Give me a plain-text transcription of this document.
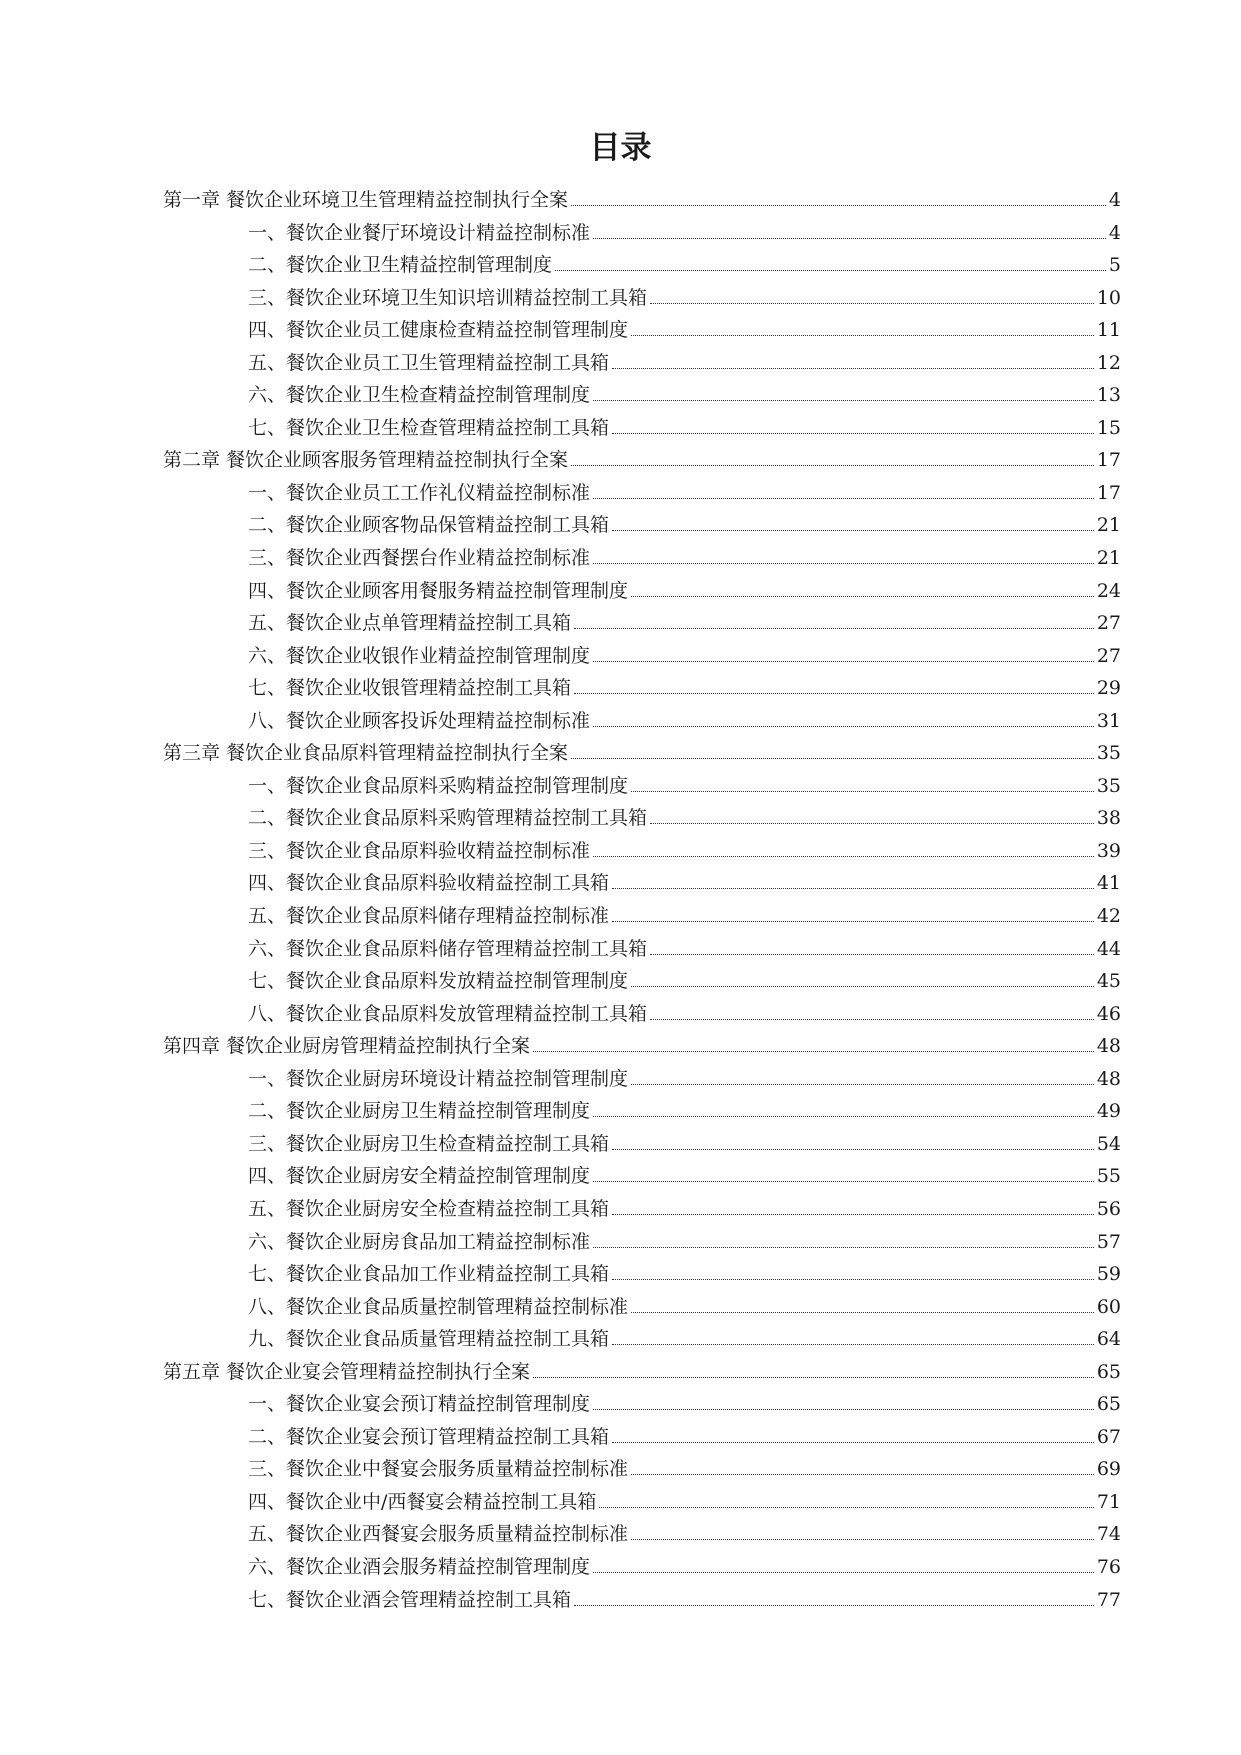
目录
第一章 餐饮企业环境卫生管理精益控制执行全案	4
一、餐饮企业餐厅环境设计精益控制标准	4
二、餐饮企业卫生精益控制管理制度	5
三、餐饮企业环境卫生知识培训精益控制工具箱	10
四、餐饮企业员工健康检查精益控制管理制度	11
五、餐饮企业员工卫生管理精益控制工具箱	12
六、餐饮企业卫生检查精益控制管理制度	13
七、餐饮企业卫生检查管理精益控制工具箱	15
第二章 餐饮企业顾客服务管理精益控制执行全案	17
一、餐饮企业员工工作礼仪精益控制标准	17
二、餐饮企业顾客物品保管精益控制工具箱	21
三、餐饮企业西餐摆台作业精益控制标准	21
四、餐饮企业顾客用餐服务精益控制管理制度	24
五、餐饮企业点单管理精益控制工具箱	27
六、餐饮企业收银作业精益控制管理制度	27
七、餐饮企业收银管理精益控制工具箱	29
八、餐饮企业顾客投诉处理精益控制标准	31
第三章 餐饮企业食品原料管理精益控制执行全案	35
一、餐饮企业食品原料采购精益控制管理制度	35
二、餐饮企业食品原料采购管理精益控制工具箱	38
三、餐饮企业食品原料验收精益控制标准	39
四、餐饮企业食品原料验收精益控制工具箱	41
五、餐饮企业食品原料储存理精益控制标准	42
六、餐饮企业食品原料储存管理精益控制工具箱	44
七、餐饮企业食品原料发放精益控制管理制度	45
八、餐饮企业食品原料发放管理精益控制工具箱	46
第四章 餐饮企业厨房管理精益控制执行全案	48
一、餐饮企业厨房环境设计精益控制管理制度	48
二、餐饮企业厨房卫生精益控制管理制度	49
三、餐饮企业厨房卫生检查精益控制工具箱	54
四、餐饮企业厨房安全精益控制管理制度	55
五、餐饮企业厨房安全检查精益控制工具箱	56
六、餐饮企业厨房食品加工精益控制标准	57
七、餐饮企业食品加工作业精益控制工具箱	59
八、餐饮企业食品质量控制管理精益控制标准	60
九、餐饮企业食品质量管理精益控制工具箱	64
第五章 餐饮企业宴会管理精益控制执行全案	65
一、餐饮企业宴会预订精益控制管理制度	65
二、餐饮企业宴会预订管理精益控制工具箱	67
三、餐饮企业中餐宴会服务质量精益控制标准	69
四、餐饮企业中/西餐宴会精益控制工具箱	71
五、餐饮企业西餐宴会服务质量精益控制标准	74
六、餐饮企业酒会服务精益控制管理制度	76
七、餐饮企业酒会管理精益控制工具箱	77
